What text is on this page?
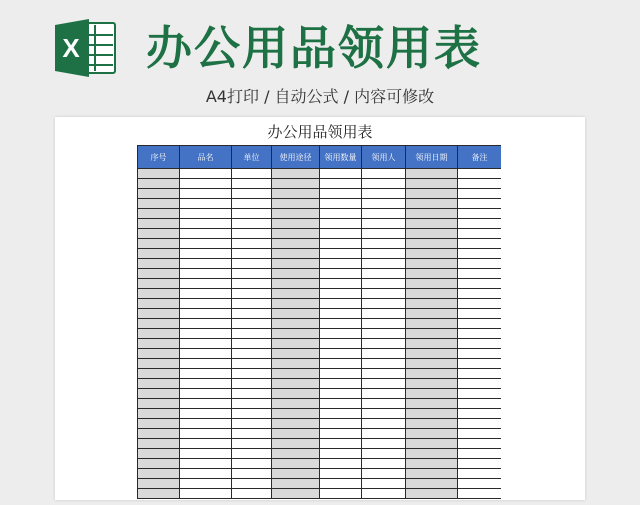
X 办公用品领用表
A4打印 / 自动公式 / 内容可修改
办公用品领用表
序号	品名	单位	使用途径	领用数量	领用人	领用日期	备注
